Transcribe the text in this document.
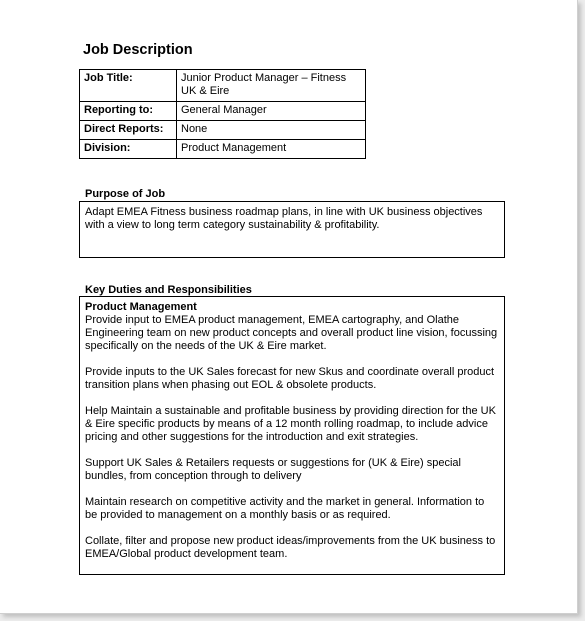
Job Description
Job Title:	Junior Product Manager – Fitness UK & Eire
Reporting to:	General Manager
Direct Reports:	None
Division:	Product Management
Purpose of Job

Adapt EMEA Fitness business roadmap plans, in line with UK business objectives with a view to long term category sustainability & profitability.

Key Duties and Responsibilities
Product Management

Provide input to EMEA product management, EMEA cartography, and Olathe Engineering team on new product concepts and overall product line vision, focussing specifically on the needs of the UK & Eire market.

Provide inputs to the UK Sales forecast for new Skus and coordinate overall product transition plans when phasing out EOL & obsolete products.

Help Maintain a sustainable and profitable business by providing direction for the UK & Eire specific products by means of a 12 month rolling roadmap, to include advice pricing and other suggestions for the introduction and exit strategies.

Support UK Sales & Retailers requests or suggestions for (UK & Eire) special bundles, from conception through to delivery

Maintain research on competitive activity and the market in general. Information to be provided to management on a monthly basis or as required.

Collate, filter and propose new product ideas/improvements from the UK business to EMEA/Global product development team.
